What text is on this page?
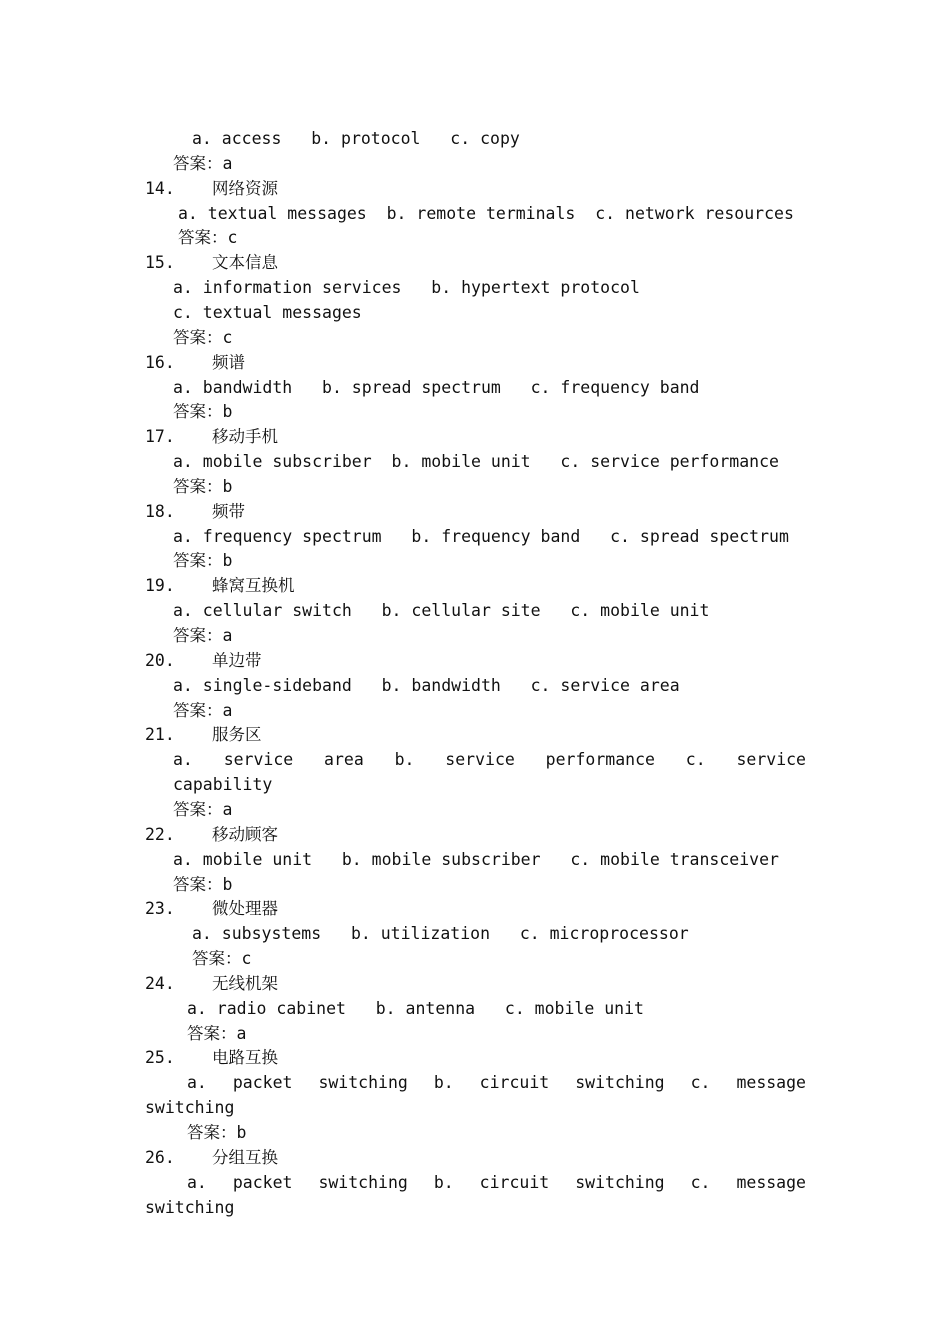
a. access   b. protocol   c. copy
答案：a
14. 网络资源
a. textual messages  b. remote terminals  c. network resources
答案：c
15. 文本信息
a. information services   b. hypertext protocol
c. textual messages
答案：c
16. 频谱
a. bandwidth   b. spread spectrum   c. frequency band
答案：b
17. 移动手机
a. mobile subscriber  b. mobile unit   c. service performance
答案：b
18. 频带
a. frequency spectrum   b. frequency band   c. spread spectrum
答案：b
19. 蜂窝互换机
a. cellular switch   b. cellular site   c. mobile unit
答案：a
20. 单边带
a. single-sideband   b. bandwidth   c. service area
答案：a
21. 服务区
a. service area b. service performance c. service
capability
答案：a
22. 移动顾客
a. mobile unit   b. mobile subscriber   c. mobile transceiver
答案：b
23. 微处理器
a. subsystems   b. utilization   c. microprocessor
答案：c
24. 无线机架
a. radio cabinet   b. antenna   c. mobile unit
答案：a
25. 电路互换
a. packet switching b. circuit switching c. message
switching
答案：b
26. 分组互换
a. packet switching b. circuit switching c. message
switching
